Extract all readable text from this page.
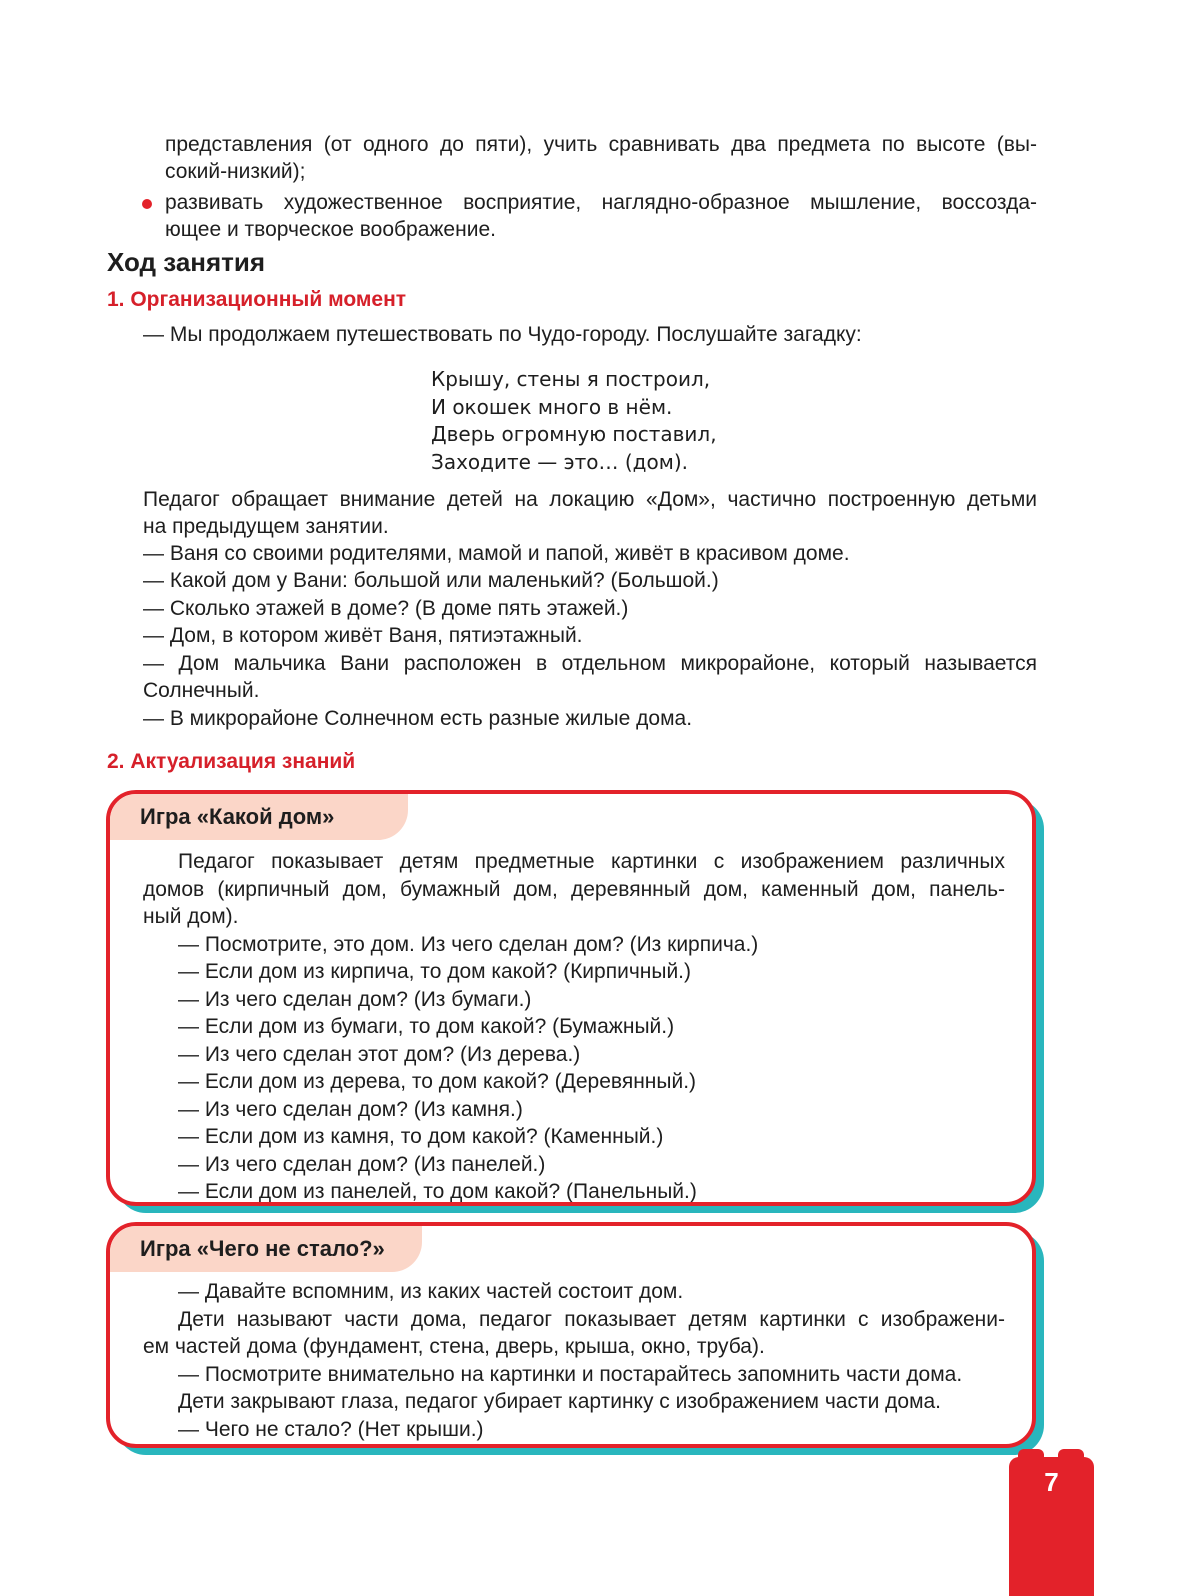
представления (от одного до пяти), учить сравнивать два предмета по высоте (вы-

сокий-низкий);

развивать художественное восприятие, наглядно-образное мышление, воссозда-

ющее и творческое воображение.

Ход занятия
1. Организационный момент

— Мы продолжаем путешествовать по Чудо-городу. Послушайте загадку:

Крышу, стены я построил,
И окошек много в нём.
Дверь огромную поставил,
Заходите — это… (дом).

Педагог обращает внимание детей на локацию «Дом», частично построенную детьми

на предыдущем занятии.

— Ваня со своими родителями, мамой и папой, живёт в красивом доме.

— Какой дом у Вани: большой или маленький? (Большой.)

— Сколько этажей в доме? (В доме пять этажей.)

— Дом, в котором живёт Ваня, пятиэтажный.

— Дом мальчика Вани расположен в отдельном микрорайоне, который называется

Солнечный.

— В микрорайоне Солнечном есть разные жилые дома.

2. Актуализация знаний
Игра «Какой дом»
Педагог показывает детям предметные картинки с изображением различных
домов (кирпичный дом, бумажный дом, деревянный дом, каменный дом, панель-
ный дом).
— Посмотрите, это дом. Из чего сделан дом? (Из кирпича.)
— Если дом из кирпича, то дом какой? (Кирпичный.)
— Из чего сделан дом? (Из бумаги.)
— Если дом из бумаги, то дом какой? (Бумажный.)
— Из чего сделан этот дом? (Из дерева.)
— Если дом из дерева, то дом какой? (Деревянный.)
— Из чего сделан дом? (Из камня.)
— Если дом из камня, то дом какой? (Каменный.)
— Из чего сделан дом? (Из панелей.)
— Если дом из панелей, то дом какой? (Панельный.)
Игра «Чего не стало?»
— Давайте вспомним, из каких частей состоит дом.
Дети называют части дома, педагог показывает детям картинки с изображени-
ем частей дома (фундамент, стена, дверь, крыша, окно, труба).
— Посмотрите внимательно на картинки и постарайтесь запомнить части дома.
Дети закрывают глаза, педагог убирает картинку с изображением части дома.
— Чего не стало? (Нет крыши.)
7
